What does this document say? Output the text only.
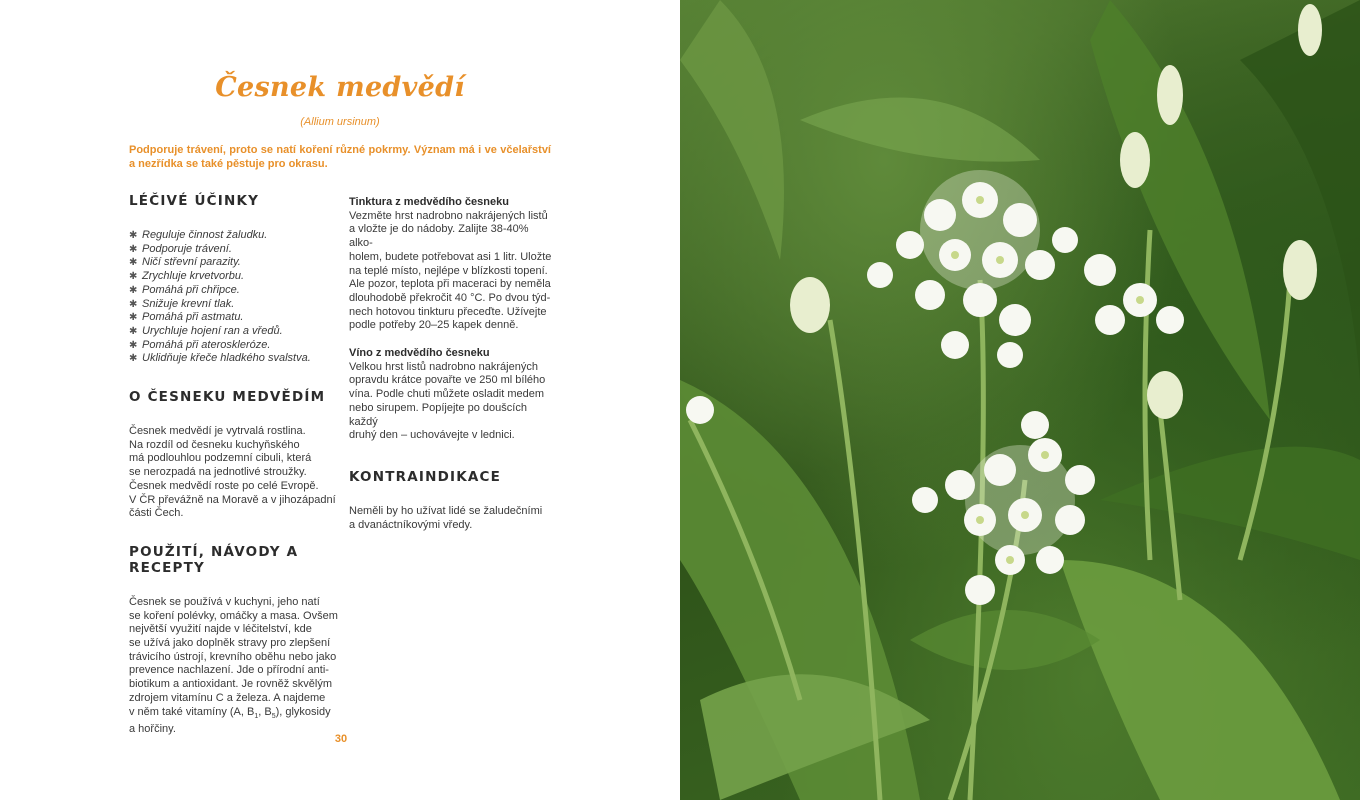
Česnek medvědí
(Allium ursinum)
Podporuje trávení, proto se natí koření různé pokrmy. Význam má i ve včelařství a nezřídka se také pěstuje pro okrasu.
LÉČIVÉ ÚČINKY
✱ Reguluje činnost žaludku.
✱ Podporuje trávení.
✱ Ničí střevní parazity.
✱ Zrychluje krvetvorbu.
✱ Pomáhá při chřipce.
✱ Snižuje krevní tlak.
✱ Pomáhá při astmatu.
✱ Urychluje hojení ran a vředů.
✱ Pomáhá při ateroskleróze.
✱ Uklidňuje křeče hladkého svalstva.
O ČESNEKU MEDVĚDÍM
Česnek medvědí je vytrvalá rostlina.
Na rozdíl od česneku kuchyňského
má podlouhlou podzemní cibuli, která
se nerozpadá na jednotlivé stroužky.
Česnek medvědí roste po celé Evropě.
V ČR převážně na Moravě a v jihozápadní
části Čech.
POUŽITÍ, NÁVODY A RECEPTY
Česnek se používá v kuchyni, jeho natí
se koření polévky, omáčky a masa. Ovšem
největší využití najde v léčitelství, kde
se užívá jako doplněk stravy pro zlepšení
trávicího ústrojí, krevního oběhu nebo jako
prevence nachlazení. Jde o přírodní anti-
biotikum a antioxidant. Je rovněž skvělým
zdrojem vitamínu C a železa. A najdeme
v něm také vitamíny (A, $B_1$, $B_5$), glykosidy
a hořčiny.
Tinktura z medvědího česneku
Vezměte hrst nadrobno nakrájených listů
a vložte je do nádoby. Zalijte 38-40% alko-
holem, budete potřebovat asi 1 litr. Uložte
na teplé místo, nejlépe v blízkosti topení.
Ale pozor, teplota při maceraci by neměla
dlouhodobě překročit 40 °C. Po dvou týd-
nech hotovou tinkturu přeceďte. Užívejte
podle potřeby 20–25 kapek denně.
Víno z medvědího česneku
Velkou hrst listů nadrobno nakrájených
opravdu krátce povařte ve 250 ml bílého
vína. Podle chuti můžete osladit medem
nebo sirupem. Popíjejte po doušcích každý
druhý den – uchovávejte v lednici.
KONTRAINDIKACE
Neměli by ho užívat lidé se žaludečními
a dvanáctníkovými vředy.
30
